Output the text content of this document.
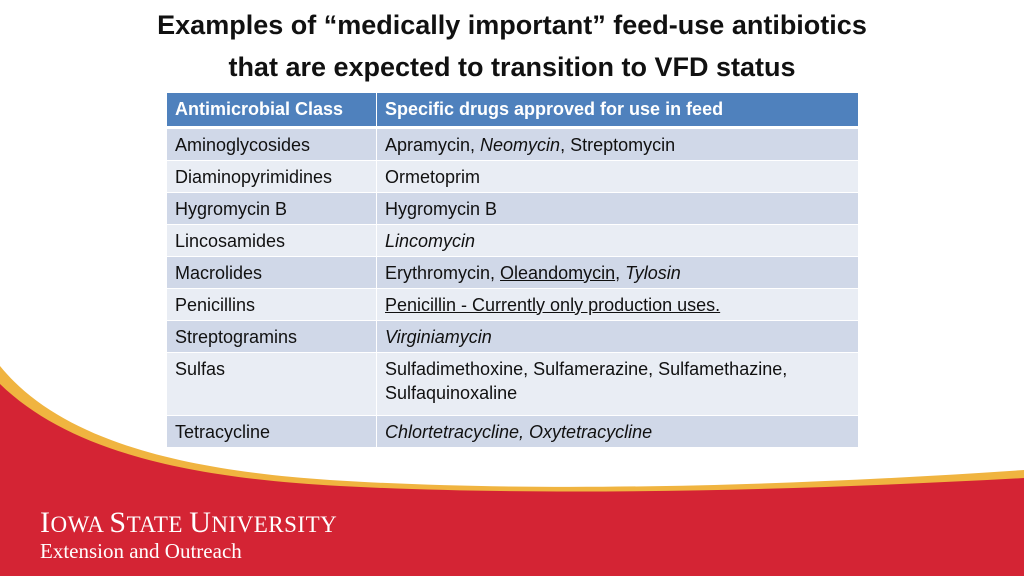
Examples of “medically important” feed-use antibiotics
that are expected to transition to VFD status
Antimicrobial Class	Specific drugs approved for use in feed
Aminoglycosides	Apramycin, Neomycin, Streptomycin
Diaminopyrimidines	Ormetoprim
Hygromycin B	Hygromycin B
Lincosamides	Lincomycin
Macrolides	Erythromycin, Oleandomycin, Tylosin
Penicillins	Penicillin - Currently only production uses.
Streptogramins	Virginiamycin
Sulfas	Sulfadimethoxine, Sulfamerazine, Sulfamethazine, Sulfaquinoxaline
Tetracycline	Chlortetracycline, Oxytetracycline
IOWA STATE UNIVERSITY
Extension and Outreach
